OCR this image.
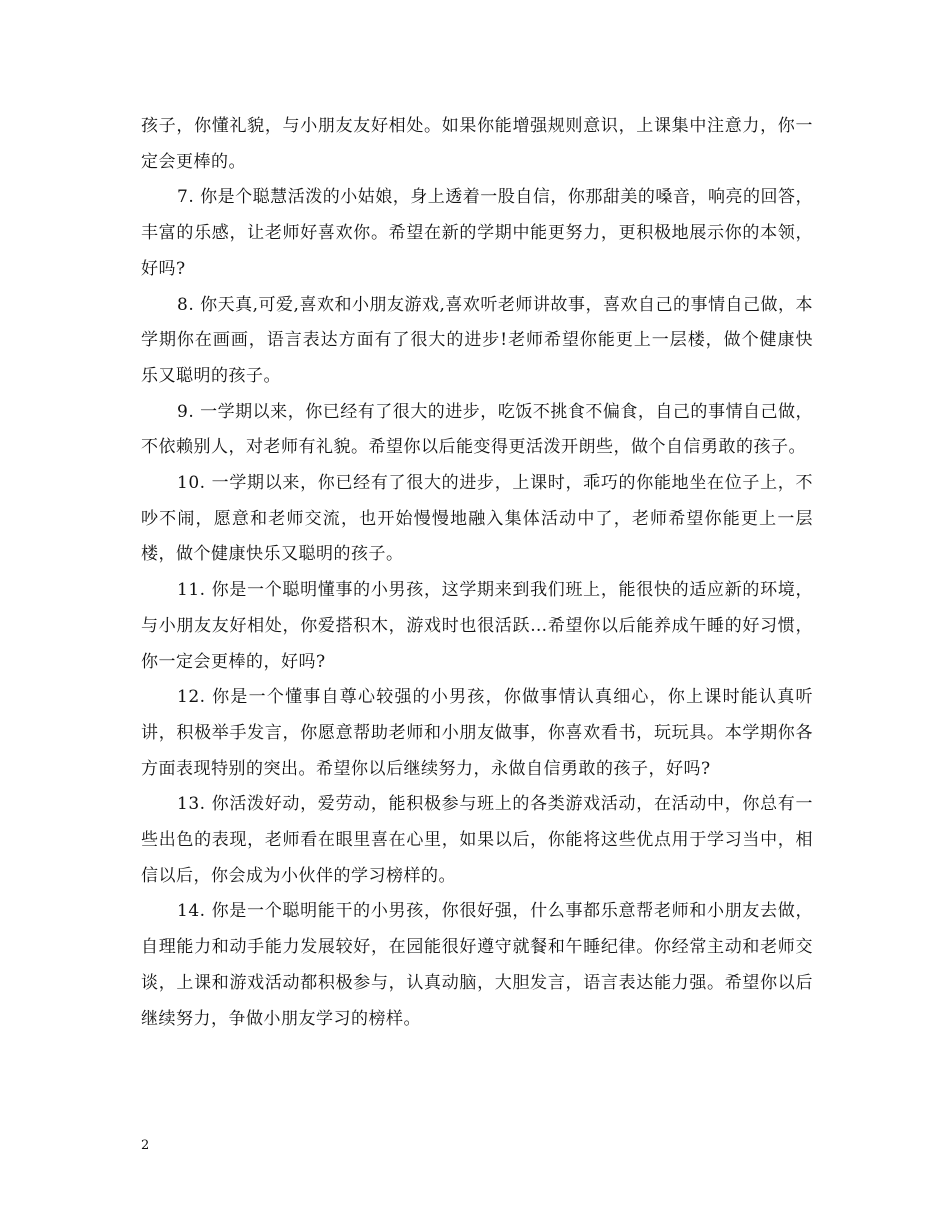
孩子，你懂礼貌，与小朋友友好相处。如果你能增强规则意识，上课集中注意力，你一定会更棒的。

7. 你是个聪慧活泼的小姑娘，身上透着一股自信，你那甜美的嗓音，响亮的回答，丰富的乐感，让老师好喜欢你。希望在新的学期中能更努力，更积极地展示你的本领，好吗?

8. 你天真,可爱,喜欢和小朋友游戏,喜欢听老师讲故事，喜欢自己的事情自己做，本学期你在画画，语言表达方面有了很大的进步!老师希望你能更上一层楼，做个健康快乐又聪明的孩子。

9. 一学期以来，你已经有了很大的进步，吃饭不挑食不偏食，自己的事情自己做，不依赖别人，对老师有礼貌。希望你以后能变得更活泼开朗些，做个自信勇敢的孩子。

10. 一学期以来，你已经有了很大的进步，上课时，乖巧的你能地坐在位子上，不吵不闹，愿意和老师交流，也开始慢慢地融入集体活动中了，老师希望你能更上一层楼，做个健康快乐又聪明的孩子。

11. 你是一个聪明懂事的小男孩，这学期来到我们班上，能很快的适应新的环境，与小朋友友好相处，你爱搭积木，游戏时也很活跃…希望你以后能养成午睡的好习惯，你一定会更棒的，好吗?

12. 你是一个懂事自尊心较强的小男孩，你做事情认真细心，你上课时能认真听讲，积极举手发言，你愿意帮助老师和小朋友做事，你喜欢看书，玩玩具。本学期你各方面表现特别的突出。希望你以后继续努力，永做自信勇敢的孩子，好吗?

13. 你活泼好动，爱劳动，能积极参与班上的各类游戏活动，在活动中，你总有一些出色的表现，老师看在眼里喜在心里，如果以后，你能将这些优点用于学习当中，相信以后，你会成为小伙伴的学习榜样的。

14. 你是一个聪明能干的小男孩，你很好强，什么事都乐意帮老师和小朋友去做，自理能力和动手能力发展较好，在园能很好遵守就餐和午睡纪律。你经常主动和老师交谈，上课和游戏活动都积极参与，认真动脑，大胆发言，语言表达能力强。希望你以后继续努力，争做小朋友学习的榜样。

2
